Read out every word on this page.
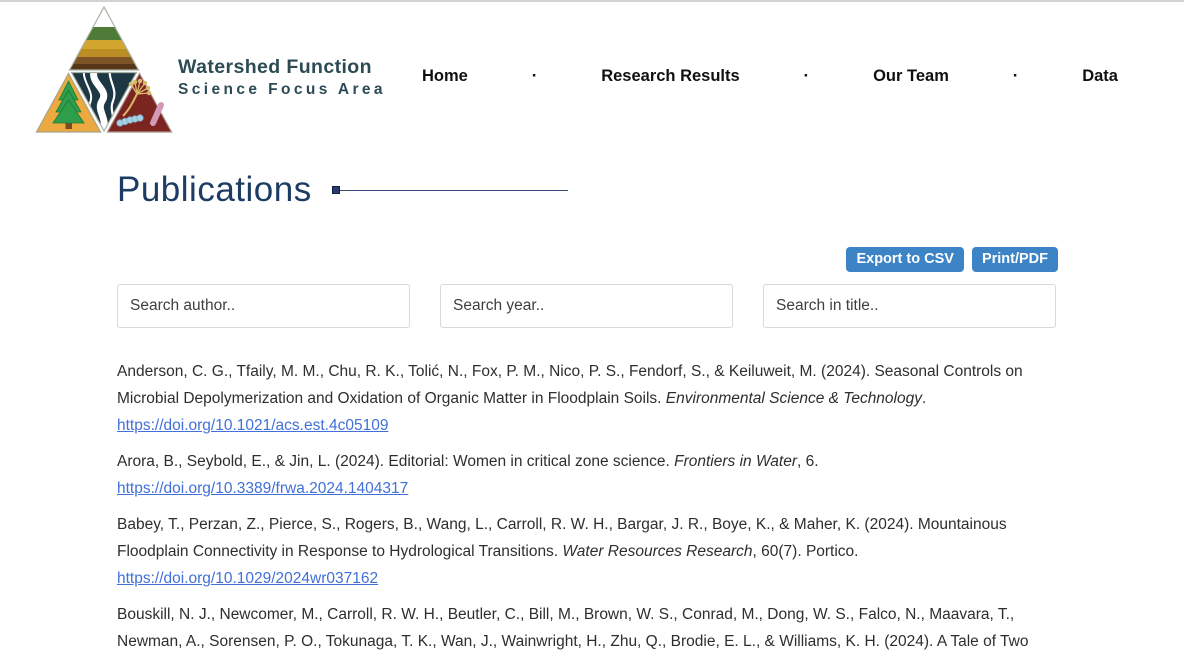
Watershed Function
Science Focus Area
Home	·	Research Results	·	Our Team	·	Data
Publications
Export to CSV	Print/PDF
Search author..
Search year..
Search in title..
Anderson, C. G., Tfaily, M. M., Chu, R. K., Tolić, N., Fox, P. M., Nico, P. S., Fendorf, S., & Keiluweit, M. (2024). Seasonal Controls on Microbial Depolymerization and Oxidation of Organic Matter in Floodplain Soils. Environmental Science & Technology.
https://doi.org/10.1021/acs.est.4c05109
Arora, B., Seybold, E., & Jin, L. (2024). Editorial: Women in critical zone science. Frontiers in Water, 6.
https://doi.org/10.3389/frwa.2024.1404317
Babey, T., Perzan, Z., Pierce, S., Rogers, B., Wang, L., Carroll, R. W. H., Bargar, J. R., Boye, K., & Maher, K. (2024). Mountainous Floodplain Connectivity in Response to Hydrological Transitions. Water Resources Research, 60(7). Portico.
https://doi.org/10.1029/2024wr037162
Bouskill, N. J., Newcomer, M., Carroll, R. W. H., Beutler, C., Bill, M., Brown, W. S., Conrad, M., Dong, W. S., Falco, N., Maavara, T., Newman, A., Sorensen, P. O., Tokunaga, T. K., Wan, J., Wainwright, H., Zhu, Q., Brodie, E. L., & Williams, K. H. (2024). A Tale of Two
